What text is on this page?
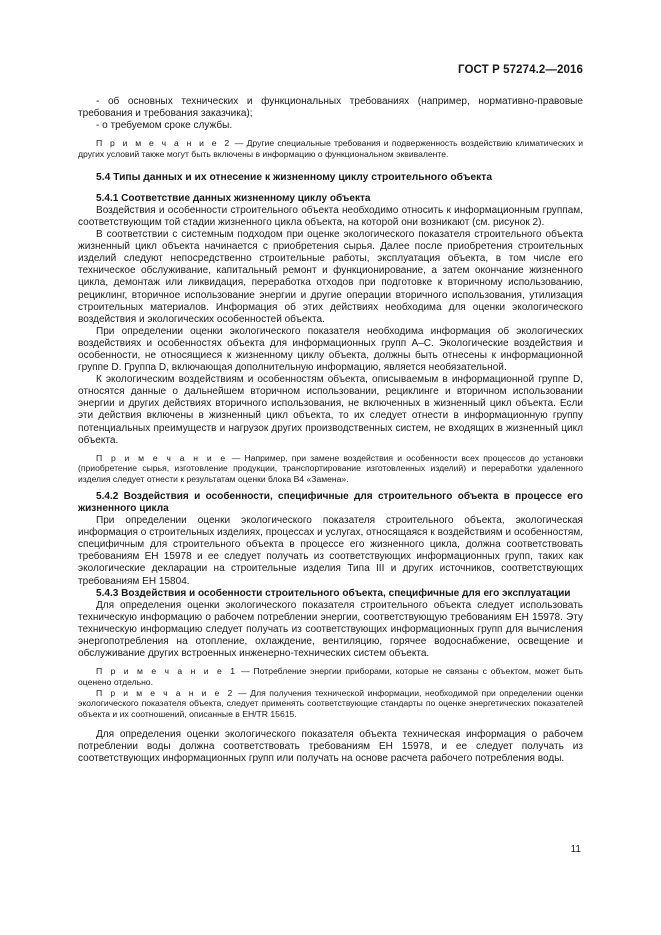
ГОСТ Р 57274.2—2016

- об основных технических и функциональных требованиях (например, нормативно-правовые требования и требования заказчика);

- о требуемом сроке службы.

П р и м е ч а н и е 2 — Другие специальные требования и подверженность воздействию климатических и других условий также могут быть включены в информацию о функциональном эквиваленте.

5.4 Типы данных и их отнесение к жизненному циклу строительного объекта

5.4.1 Соответствие данных жизненному циклу объекта

Воздействия и особенности строительного объекта необходимо относить к информационным группам, соответствующим той стадии жизненного цикла объекта, на которой они возникают (см. рисунок 2).

В соответствии с системным подходом при оценке экологического показателя строительного объекта жизненный цикл объекта начинается с приобретения сырья. Далее после приобретения строительных изделий следуют непосредственно строительные работы, эксплуатация объекта, в том числе его техническое обслуживание, капитальный ремонт и функционирование, а затем окончание жизненного цикла, демонтаж или ликвидация, переработка отходов при подготовке к вторичному использованию, рециклинг, вторичное использование энергии и другие операции вторичного использования, утилизация строительных материалов. Информация об этих действиях необходима для оценки экологического воздействия и экологических особенностей объекта.

При определении оценки экологического показателя необходима информация об экологических воздействиях и особенностях объекта для информационных групп А–С. Экологические воздействия и особенности, не относящиеся к жизненному циклу объекта, должны быть отнесены к информационной группе D. Группа D, включающая дополнительную информацию, является необязательной.

К экологическим воздействиям и особенностям объекта, описываемым в информационной группе D, относятся данные о дальнейшем вторичном использовании, рециклинге и вторичном использовании энергии и других действиях вторичного использования, не включенных в жизненный цикл объекта. Если эти действия включены в жизненный цикл объекта, то их следует отнести в информационную группу потенциальных преимуществ и нагрузок других производственных систем, не входящих в жизненный цикл объекта.

П р и м е ч а н и е — Например, при замене воздействия и особенности всех процессов до установки (приобретение сырья, изготовление продукции, транспортирование изготовленных изделий) и переработки удаленного изделия следует отнести к результатам оценки блока B4 «Замена».

5.4.2 Воздействия и особенности, специфичные для строительного объекта в процессе его жизненного цикла

При определении оценки экологического показателя строительного объекта, экологическая информация о строительных изделиях, процессах и услугах, относящаяся к воздействиям и особенностям, специфичным для строительного объекта в процессе его жизненного цикла, должна соответствовать требованиям ЕН 15978 и ее следует получать из соответствующих информационных групп, таких как экологические декларации на строительные изделия Типа III и других источников, соответствующих требованиям ЕН 15804.

5.4.3 Воздействия и особенности строительного объекта, специфичные для его эксплуатации

Для определения оценки экологического показателя строительного объекта следует использовать техническую информацию о рабочем потреблении энергии, соответствующую требованиям ЕН 15978. Эту техническую информацию следует получать из соответствующих информационных групп для вычисления энергопотребления на отопление, охлаждение, вентиляцию, горячее водоснабжение, освещение и обслуживание других встроенных инженерно-технических систем объекта.

П р и м е ч а н и е 1 — Потребление энергии приборами, которые не связаны с объектом, может быть оценено отдельно.

П р и м е ч а н и е 2 — Для получения технической информации, необходимой при определении оценки экологического показателя объекта, следует применять соответствующие стандарты по оценке энергетических показателей объекта и их соотношений, описанные в ЕН/TR 15615.

Для определения оценки экологического показателя объекта техническая информация о рабочем потреблении воды должна соответствовать требованиям ЕН 15978, и ее следует получать из соответствующих информационных групп или получать на основе расчета рабочего потребления воды.

11
